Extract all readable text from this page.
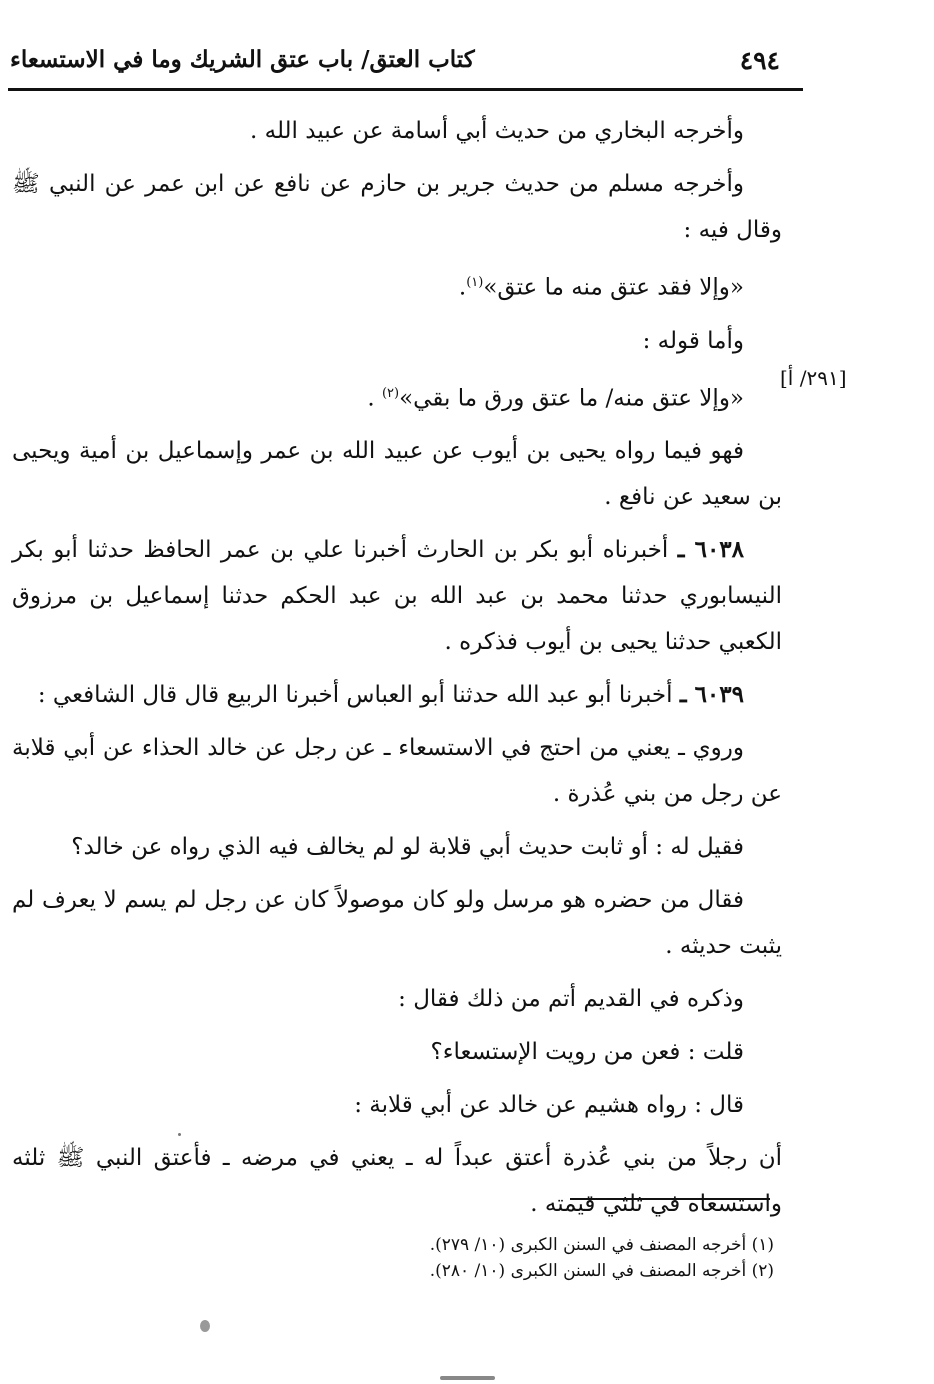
٤٩٤
كتاب العتق/ باب عتق الشريك وما في الاستسعاء
[٢٩١/ أ]

وأخرجه البخاري من حديث أبي أسامة عن عبيد الله .

وأخرجه مسلم من حديث جرير بن حازم عن نافع عن ابن عمر عن النبي ﷺ وقال فيه :

«وإلا فقد عتق منه ما عتق»$^{(١)}$.

وأما قوله :

«وإلا عتق منه/ ما عتق ورق ما بقي»$^{(٢)}$ .

فهو فيما رواه يحيى بن أيوب عن عبيد الله بن عمر وإسماعيل بن أمية ويحيى بن سعيد عن نافع .

٦٠٣٨ ـ أخبرناه أبو بكر بن الحارث أخبرنا علي بن عمر الحافظ حدثنا أبو بكر النيسابوري حدثنا محمد بن عبد الله بن عبد الحكم حدثنا إسماعيل بن مرزوق الكعبي حدثنا يحيى بن أيوب فذكره .

٦٠٣٩ ـ أخبرنا أبو عبد الله حدثنا أبو العباس أخبرنا الربيع قال قال الشافعي :

وروي ـ يعني من احتج في الاستسعاء ـ عن رجل عن خالد الحذاء عن أبي قلابة عن رجل من بني عُذرة .

فقيل له : أو ثابت حديث أبي قلابة لو لم يخالف فيه الذي رواه عن خالد؟

فقال من حضره هو مرسل ولو كان موصولاً كان عن رجل لم يسم لا يعرف لم يثبت حديثه .

وذكره في القديم أتم من ذلك فقال :

قلت : فعن من رويت الإستسعاء؟

قال : رواه هشيم عن خالد عن أبي قلابة :

أن رجلاً من بني عُذرة أعتق عبداً له ـ يعني في مرضه ـ فأعتق النبي ﷺ ثلثه واستسعاه في ثلثي قيمته .

(١) أخرجه المصنف في السنن الكبرى (١٠/ ٢٧٩).

(٢) أخرجه المصنف في السنن الكبرى (١٠/ ٢٨٠).
